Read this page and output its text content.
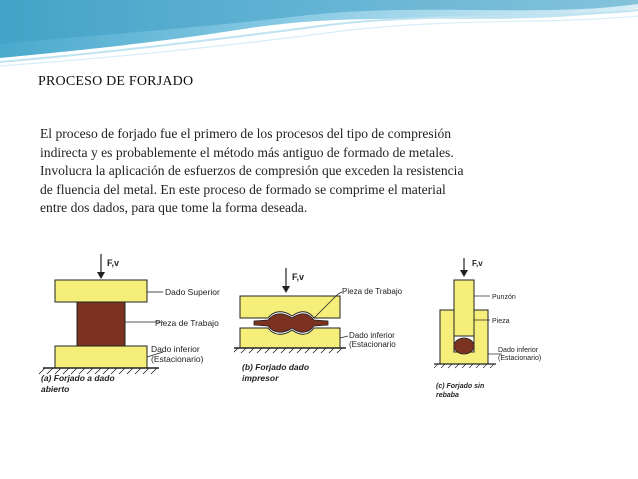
PROCESO DE FORJADO
El proceso de forjado fue el primero de los procesos del tipo de compresión
indirecta y es probablemente el método más antiguo de formado de metales.
Involucra la aplicación de esfuerzos de compresión que exceden la resistencia
de fluencia del metal. En este proceso de formado se comprime el material
entre dos dados, para que tome la forma deseada.
F,v
Dado Superior
Pieza de Trabajo
Dado inferior
(Estacionario)
(a) Forjado a dado
abierto
F,v
Pieza de Trabajo
Dado inferior
(Estacionario
(b) Forjado dado
impresor
F,v
Punzón
Pieza
Dado inferior
(Estacionario)
(c) Forjado sin
rebaba
